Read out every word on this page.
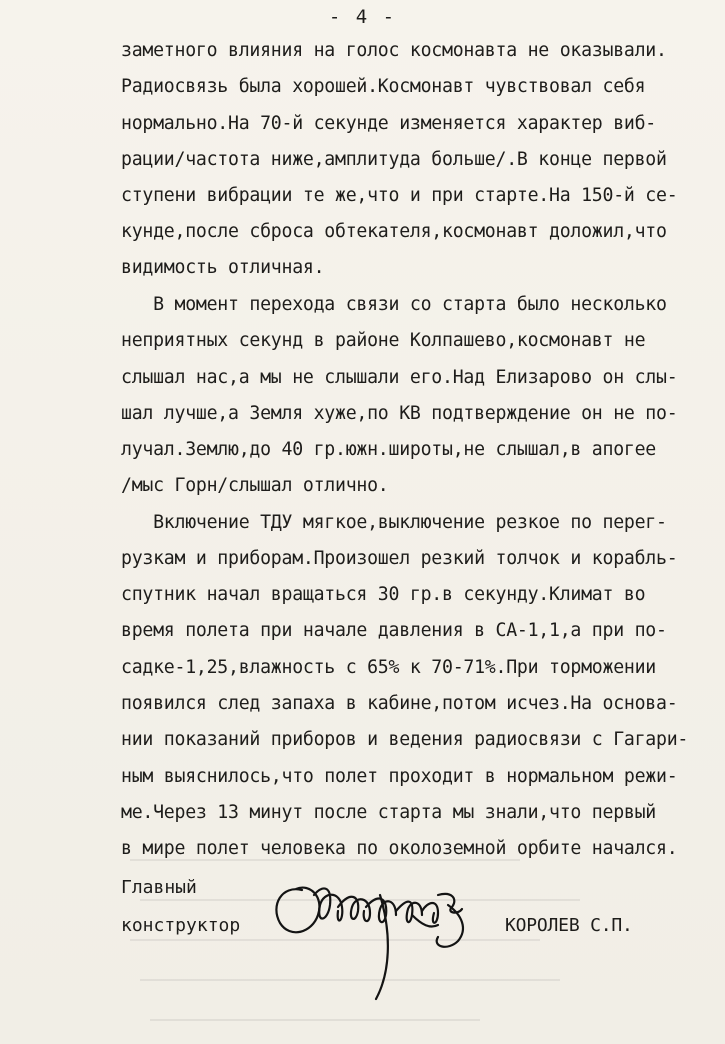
- 4 -
заметного влияния на голос космонавта не оказывали.
Радиосвязь была хорошей.Космонавт чувствовал себя
нормально.На 70-й секунде изменяется характер виб-
рации/частота ниже,амплитуда больше/.В конце первой
ступени вибрации те же,что и при старте.На 150-й се-
кунде,после сброса обтекателя,космонавт доложил,что
видимость отличная.
В момент перехода связи со старта было несколько
неприятных секунд в районе Колпашево,космонавт не
слышал нас,а мы не слышали его.Над Елизарово он слы-
шал лучше,а Земля хуже,по КВ подтверждение он не по-
лучал.Землю,до 40 гр.южн.широты,не слышал,в апогее
/мыс Горн/слышал отлично.
Включение ТДУ мягкое,выключение резкое по перег-
рузкам и приборам.Произошел резкий толчок и корабль-
спутник начал вращаться 30 гр.в секунду.Климат во
время полета при начале давления в СА-1,1,а при по-
садке-1,25,влажность с 65% к 70-71%.При торможении
появился след запаха в кабине,потом исчез.На основа-
нии показаний приборов и ведения радиосвязи с Гагари-
ным выяснилось,что полет проходит в нормальном режи-
ме.Через 13 минут после старта мы знали,что первый
в мире полет человека по околоземной орбите начался.
Главный
конструктор	КОРОЛЕВ С.П.
